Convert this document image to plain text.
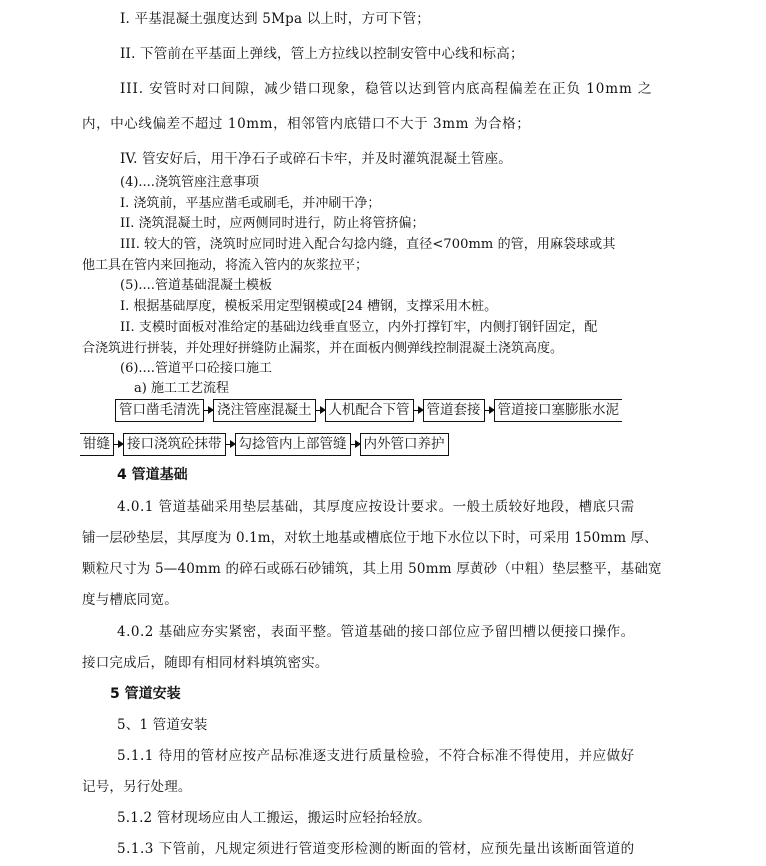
I. 平基混凝土强度达到 5Mpa 以上时，方可下管；
II. 下管前在平基面上弹线，管上方拉线以控制安管中心线和标高；
III. 安管时对口间隙，减少错口现象，稳管以达到管内底高程偏差在正负 10mm 之
内，中心线偏差不超过 10mm，相邻管内底错口不大于 3mm 为合格；
IV. 管安好后，用干净石子或碎石卡牢，并及时灌筑混凝土管座。
(4)....浇筑管座注意事项
I. 浇筑前，平基应凿毛或刷毛，并冲刷干净；
II. 浇筑混凝土时，应两侧同时进行，防止将管挤偏；
III. 较大的管，浇筑时应同时进入配合勾捻内缝，直径<700mm 的管，用麻袋球或其
他工具在管内来回拖动，将流入管内的灰浆拉平；
(5)....管道基础混凝土模板
I. 根据基础厚度，模板采用定型钢模或[24 槽钢，支撑采用木桩。
II. 支模时面板对准给定的基础边线垂直竖立，内外打撑钉牢，内侧打钢钎固定，配
合浇筑进行拼装，并处理好拼缝防止漏浆，并在面板内侧弹线控制混凝土浇筑高度。
(6)....管道平口砼接口施工
a) 施工工艺流程
管口凿毛清洗 浇注管座混凝土 人机配合下管 管道套接 管道接口塞膨胀水泥
钳缝 接口浇筑砼抹带 勾捻管内上部管缝 内外管口养护
4 管道基础
4.0.1 管道基础采用垫层基础，其厚度应按设计要求。一般土质较好地段，槽底只需
铺一层砂垫层，其厚度为 0.1m，对软土地基或槽底位于地下水位以下时，可采用 150mm 厚、
颗粒尺寸为 5—40mm 的碎石或砾石砂铺筑，其上用 50mm 厚黄砂（中粗）垫层整平，基础宽
度与槽底同宽。
4.0.2 基础应夯实紧密，表面平整。管道基础的接口部位应予留凹槽以便接口操作。
接口完成后，随即有相同材料填筑密实。
5 管道安装
5、1 管道安装
5.1.1 待用的管材应按产品标准逐支进行质量检验，不符合标准不得使用，并应做好
记号，另行处理。
5.1.2 管材现场应由人工搬运，搬运时应轻抬轻放。
5.1.3 下管前，凡规定须进行管道变形检测的断面的管材，应预先量出该断面管道的
